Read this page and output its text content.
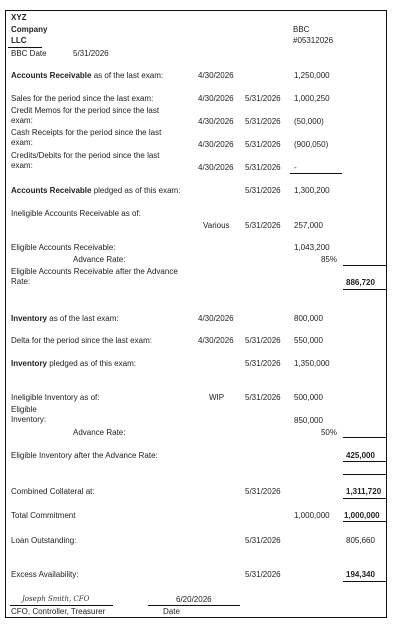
XYZ
Company
LLC
BBC
#05312026
BBC Date	5/31/2026
Accounts Receivable as of the last exam:	4/30/2026	1,250,000
Sales for the period since the last exam:	4/30/2026 5/31/2026 1,000,250
Credit Memos for the period since the last exam:	4/30/2026 5/31/2026 (50,000)
Cash Receipts for the period since the last exam:	4/30/2026 5/31/2026 (900,050)
Credits/Debits for the period since the last exam:	4/30/2026 5/31/2026 -
Accounts Receivable pledged as of this exam:	5/31/2026 1,300,200
Ineligible Accounts Receivable as of:
Various 5/31/2026 257,000
Eligible Accounts Receivable:	1,043,200
Advance Rate:	85%
Eligible Accounts Receivable after the Advance Rate:	886,720
Inventory as of the last exam:	4/30/2026	800,000
Delta for the period since the last exam:	4/30/2026 5/31/2026 550,000
Inventory pledged as of this exam:	5/31/2026 1,350,000
Ineligible Inventory as of:	WIP	5/31/2026 500,000
Eligible Inventory:	850,000
Advance Rate:	50%
Eligible Inventory after the Advance Rate:	425,000
Combined Collateral at:	5/31/2026	1,311,720
Total Commitment	1,000,000 1,000,000
Loan Outstanding:	5/31/2026	805,660
Excess Availability:	5/31/2026	194,340
Joseph Smith, CFO	6/20/2026
CFO, Controller, Treasurer	Date
